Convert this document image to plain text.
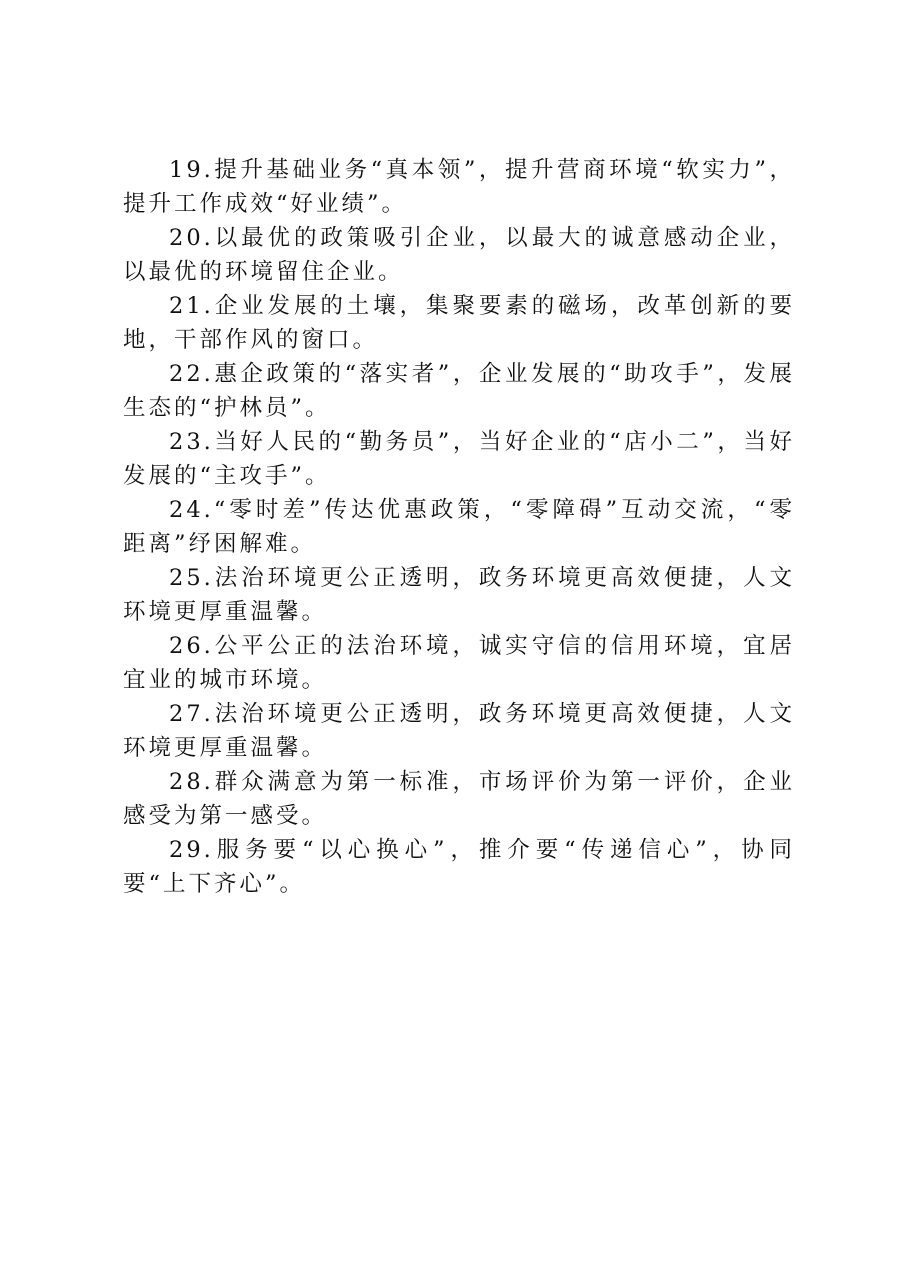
19.提升基础业务“真本领”，提升营商环境“软实力”，提升工作成效“好业绩”。

20.以最优的政策吸引企业，以最大的诚意感动企业，以最优的环境留住企业。

21.企业发展的土壤，集聚要素的磁场，改革创新的要地，干部作风的窗口。

22.惠企政策的“落实者”，企业发展的“助攻手”，发展生态的“护林员”。

23.当好人民的“勤务员”，当好企业的“店小二”，当好发展的“主攻手”。

24.“零时差”传达优惠政策，“零障碍”互动交流，“零距离”纾困解难。

25.法治环境更公正透明，政务环境更高效便捷，人文环境更厚重温馨。

26.公平公正的法治环境，诚实守信的信用环境，宜居宜业的城市环境。

27.法治环境更公正透明，政务环境更高效便捷，人文环境更厚重温馨。

28.群众满意为第一标准，市场评价为第一评价，企业感受为第一感受。

29.服务要“以心换心”，推介要“传递信心”，协同要“上下齐心”。
